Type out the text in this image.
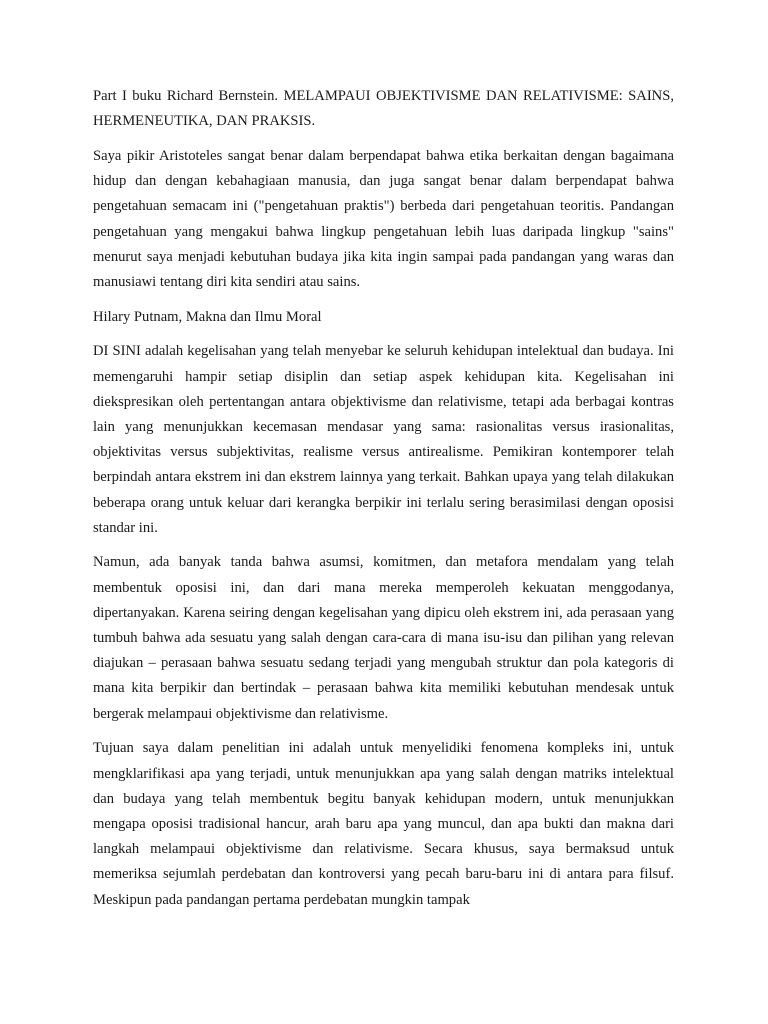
Part I buku Richard Bernstein. MELAMPAUI OBJEKTIVISME DAN RELATIVISME: SAINS, HERMENEUTIKA, DAN PRAKSIS.

Saya pikir Aristoteles sangat benar dalam berpendapat bahwa etika berkaitan dengan bagaimana hidup dan dengan kebahagiaan manusia, dan juga sangat benar dalam berpendapat bahwa pengetahuan semacam ini ("pengetahuan praktis") berbeda dari pengetahuan teoritis. Pandangan pengetahuan yang mengakui bahwa lingkup pengetahuan lebih luas daripada lingkup "sains" menurut saya menjadi kebutuhan budaya jika kita ingin sampai pada pandangan yang waras dan manusiawi tentang diri kita sendiri atau sains.

Hilary Putnam, Makna dan Ilmu Moral

DI SINI adalah kegelisahan yang telah menyebar ke seluruh kehidupan intelektual dan budaya. Ini memengaruhi hampir setiap disiplin dan setiap aspek kehidupan kita. Kegelisahan ini diekspresikan oleh pertentangan antara objektivisme dan relativisme, tetapi ada berbagai kontras lain yang menunjukkan kecemasan mendasar yang sama: rasionalitas versus irasionalitas, objektivitas versus subjektivitas, realisme versus antirealisme. Pemikiran kontemporer telah berpindah antara ekstrem ini dan ekstrem lainnya yang terkait. Bahkan upaya yang telah dilakukan beberapa orang untuk keluar dari kerangka berpikir ini terlalu sering berasimilasi dengan oposisi standar ini.

Namun, ada banyak tanda bahwa asumsi, komitmen, dan metafora mendalam yang telah membentuk oposisi ini, dan dari mana mereka memperoleh kekuatan menggodanya, dipertanyakan. Karena seiring dengan kegelisahan yang dipicu oleh ekstrem ini, ada perasaan yang tumbuh bahwa ada sesuatu yang salah dengan cara-cara di mana isu-isu dan pilihan yang relevan diajukan – perasaan bahwa sesuatu sedang terjadi yang mengubah struktur dan pola kategoris di mana kita berpikir dan bertindak – perasaan bahwa kita memiliki kebutuhan mendesak untuk bergerak melampaui objektivisme dan relativisme.

Tujuan saya dalam penelitian ini adalah untuk menyelidiki fenomena kompleks ini, untuk mengklarifikasi apa yang terjadi, untuk menunjukkan apa yang salah dengan matriks intelektual dan budaya yang telah membentuk begitu banyak kehidupan modern, untuk menunjukkan mengapa oposisi tradisional hancur, arah baru apa yang muncul, dan apa bukti dan makna dari langkah melampaui objektivisme dan relativisme. Secara khusus, saya bermaksud untuk memeriksa sejumlah perdebatan dan kontroversi yang pecah baru-baru ini di antara para filsuf. Meskipun pada pandangan pertama perdebatan mungkin tampak
